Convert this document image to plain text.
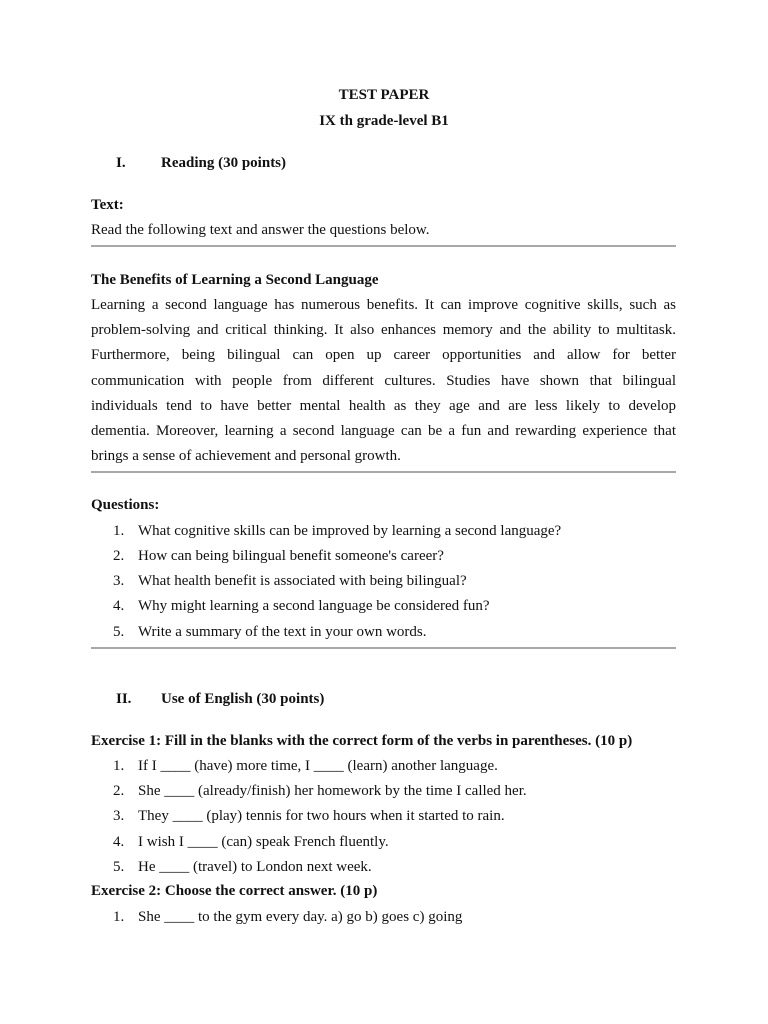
TEST PAPER
IX th grade-level B1
I. Reading (30 points)
Text:
Read the following text and answer the questions below.
The Benefits of Learning a Second Language
Learning a second language has numerous benefits. It can improve cognitive skills, such as
problem-solving and critical thinking. It also enhances memory and the ability to multitask.
Furthermore, being bilingual can open up career opportunities and allow for better
communication with people from different cultures. Studies have shown that bilingual
individuals tend to have better mental health as they age and are less likely to develop
dementia. Moreover, learning a second language can be a fun and rewarding experience that
brings a sense of achievement and personal growth.
Questions:
1. What cognitive skills can be improved by learning a second language?
2. How can being bilingual benefit someone's career?
3. What health benefit is associated with being bilingual?
4. Why might learning a second language be considered fun?
5. Write a summary of the text in your own words.
II. Use of English (30 points)
Exercise 1: Fill in the blanks with the correct form of the verbs in parentheses. (10 p)
1. If I ____ (have) more time, I ____ (learn) another language.
2. She ____ (already/finish) her homework by the time I called her.
3. They ____ (play) tennis for two hours when it started to rain.
4. I wish I ____ (can) speak French fluently.
5. He ____ (travel) to London next week.
Exercise 2: Choose the correct answer. (10 p)
1. She ____ to the gym every day. a) go b) goes c) going
